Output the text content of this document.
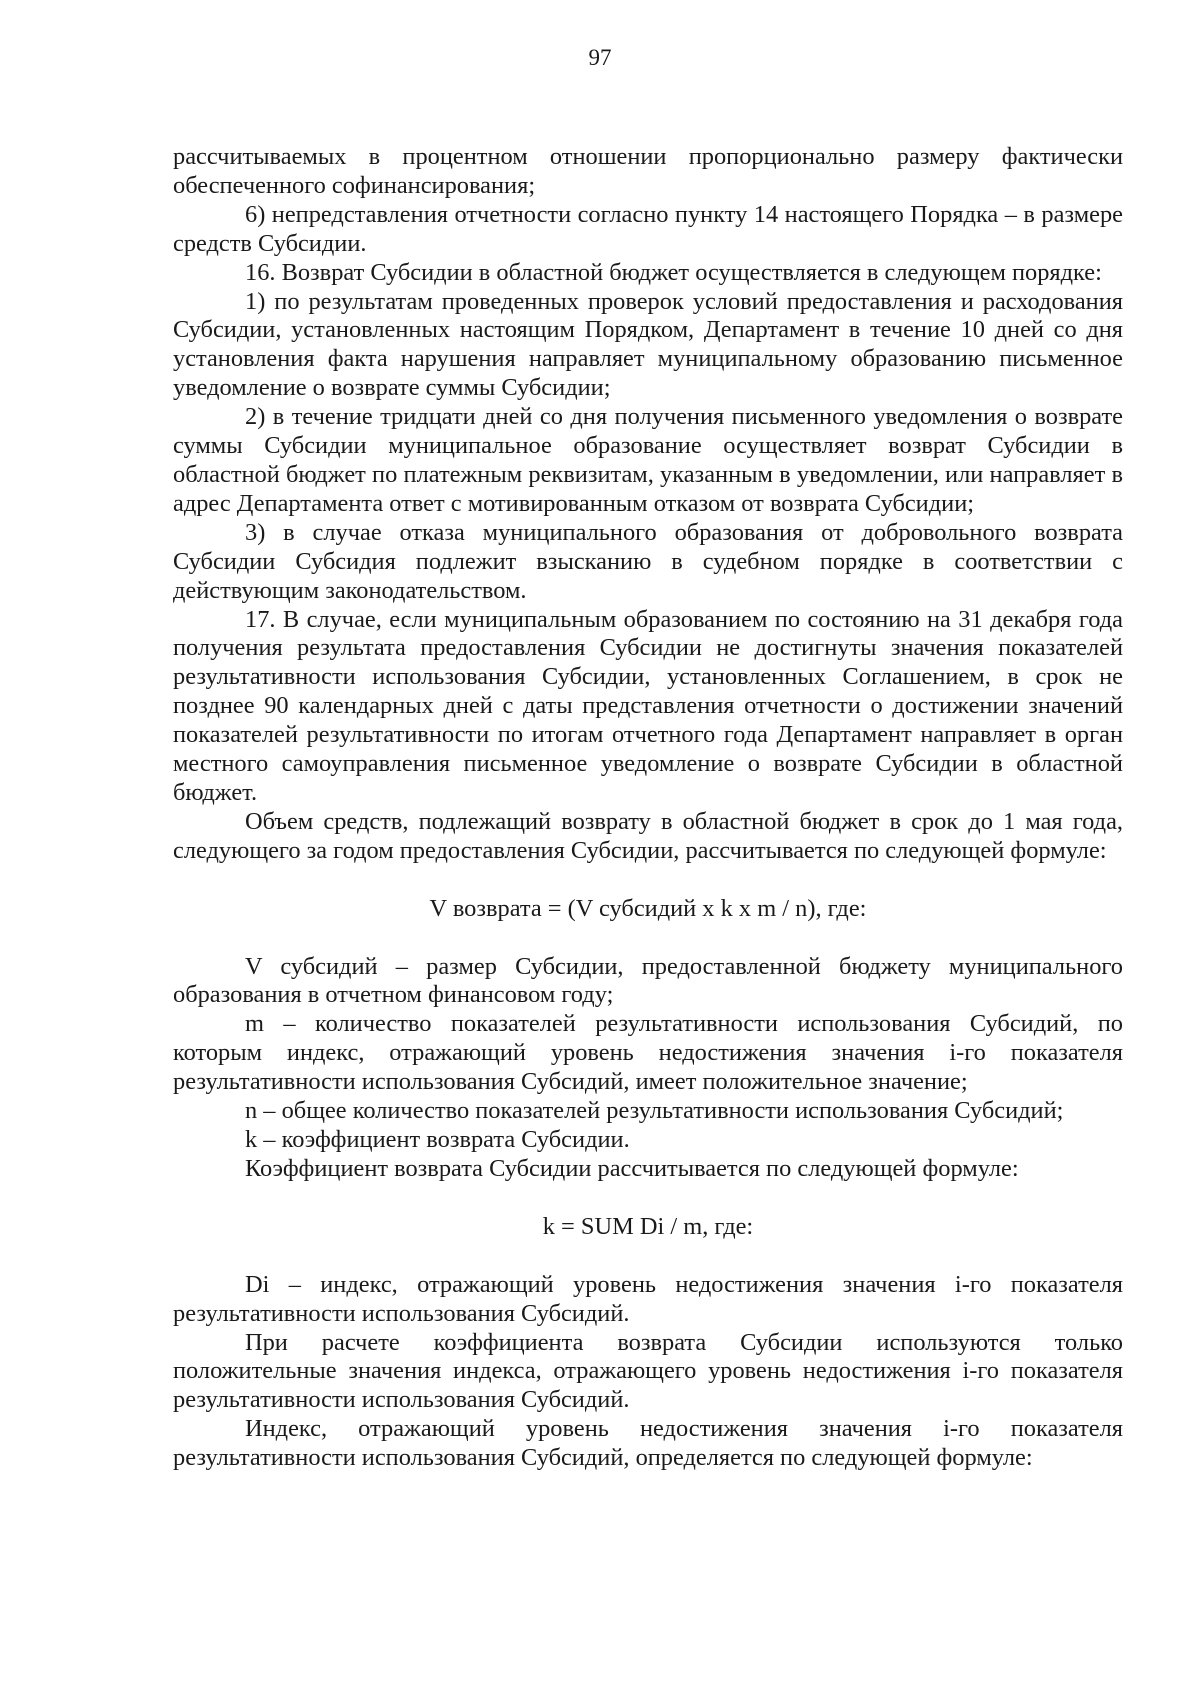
97

рассчитываемых в процентном отношении пропорционально размеру фактически обеспеченного софинансирования;

6) непредставления отчетности согласно пункту 14 настоящего Порядка – в размере средств Субсидии.

16. Возврат Субсидии в областной бюджет осуществляется в следующем порядке:

1) по результатам проведенных проверок условий предоставления и расходования Субсидии, установленных настоящим Порядком, Департамент в течение 10 дней со дня установления факта нарушения направляет муниципальному образованию письменное уведомление о возврате суммы Субсидии;

2) в течение тридцати дней со дня получения письменного уведомления о возврате суммы Субсидии муниципальное образование осуществляет возврат Субсидии в областной бюджет по платежным реквизитам, указанным в уведомлении, или направляет в адрес Департамента ответ с мотивированным отказом от возврата Субсидии;

3) в случае отказа муниципального образования от добровольного возврата Субсидии Субсидия подлежит взысканию в судебном порядке в соответствии с действующим законодательством.

17. В случае, если муниципальным образованием по состоянию на 31 декабря года получения результата предоставления Субсидии не достигнуты значения показателей результативности использования Субсидии, установленных Соглашением, в срок не позднее 90 календарных дней с даты представления отчетности о достижении значений показателей результативности по итогам отчетного года Департамент направляет в орган местного самоуправления письменное уведомление о возврате Субсидии в областной бюджет.

Объем средств, подлежащий возврату в областной бюджет в срок до 1 мая года, следующего за годом предоставления Субсидии, рассчитывается по следующей формуле:

V возврата = (V субсидий x k x m / n), где:

V субсидий – размер Субсидии, предоставленной бюджету муниципального образования в отчетном финансовом году;

m – количество показателей результативности использования Субсидий, по которым индекс, отражающий уровень недостижения значения i-го показателя результативности использования Субсидий, имеет положительное значение;

n – общее количество показателей результативности использования Субсидий;

k – коэффициент возврата Субсидии.

Коэффициент возврата Субсидии рассчитывается по следующей формуле:

k = SUM Di / m, где:

Di – индекс, отражающий уровень недостижения значения i-го показателя результативности использования Субсидий.

При расчете коэффициента возврата Субсидии используются только положительные значения индекса, отражающего уровень недостижения i-го показателя результативности использования Субсидий.

Индекс, отражающий уровень недостижения значения i-го показателя результативности использования Субсидий, определяется по следующей формуле:
